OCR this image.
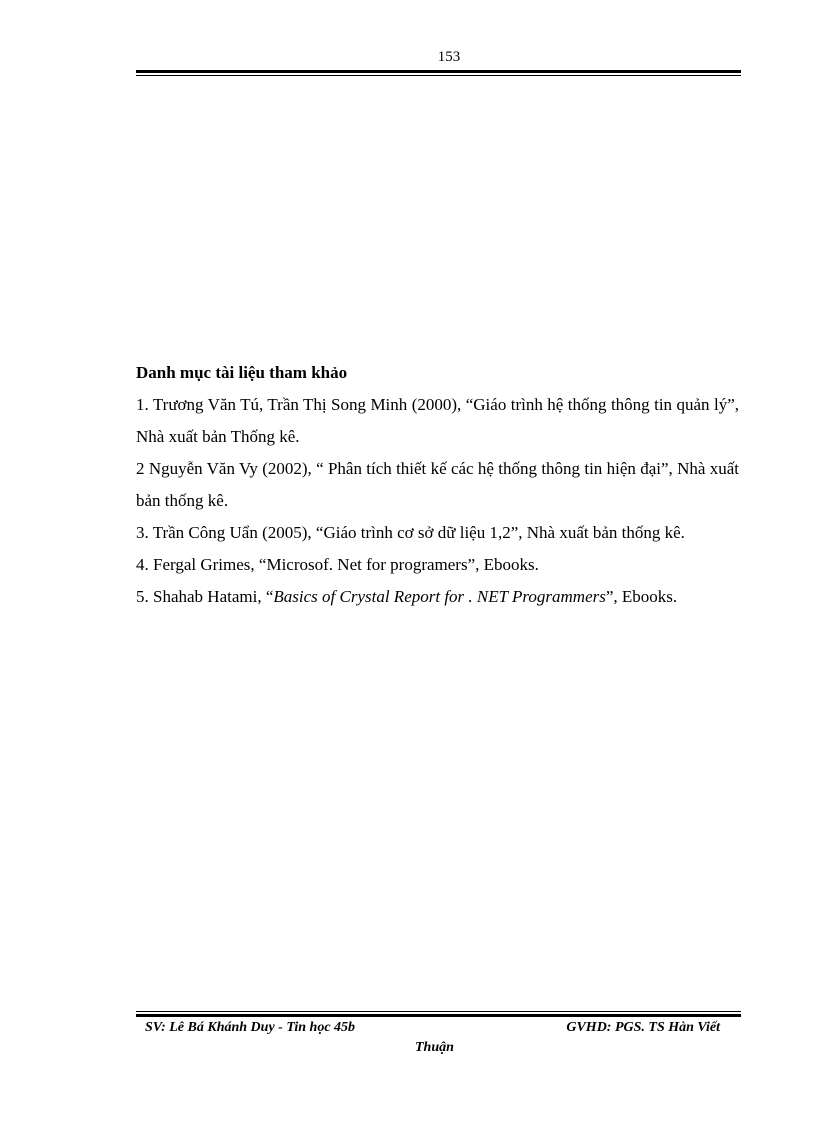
153

Danh mục tài liệu tham khảo

1. Trương Văn Tú, Trần Thị Song Minh (2000), “Giáo trình hệ thống thông tin quản lý”, Nhà xuất bản Thống kê.

2 Nguyễn Văn Vy (2002), “ Phân tích thiết kế các hệ thống thông tin hiện đại”, Nhà xuất bản thống kê.

3. Trần Công Uẩn (2005), “Giáo trình cơ sở dữ liệu 1,2”, Nhà xuất bản thống kê.

4. Fergal Grimes, “Microsof. Net for programers”, Ebooks.

5. Shahab Hatami, “Basics of Crystal Report for . NET Programmers”, Ebooks.

SV: Lê Bá Khánh Duy - Tin học 45b	GVHD: PGS. TS Hàn Viết
Thuận
